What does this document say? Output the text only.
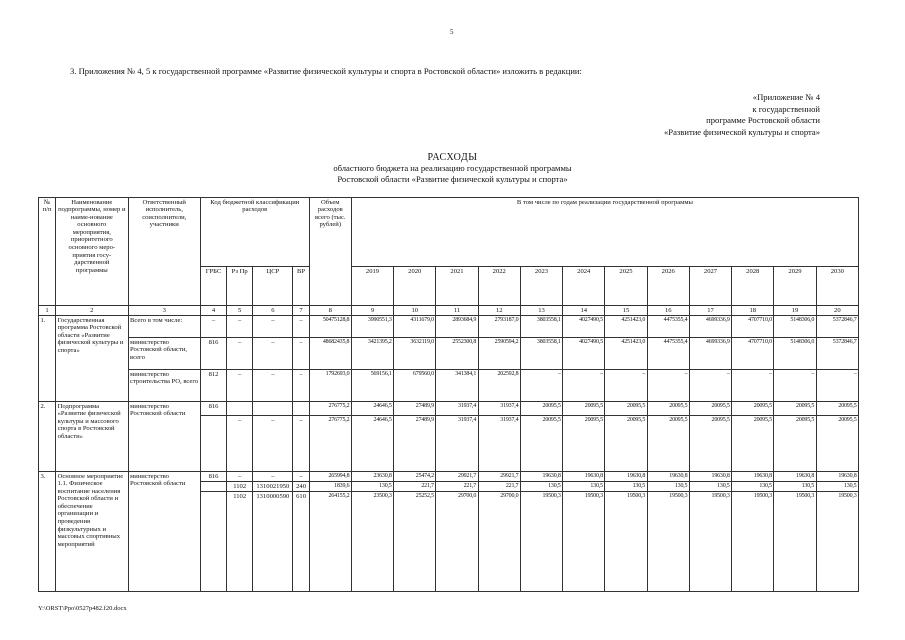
5
3. Приложения № 4, 5 к государственной программе «Развитие физической культуры и спорта в Ростовской области» изложить в редакции:
«Приложение № 4
к государственной
программе Ростовской области
«Развитие физической культуры и спорта»
РАСХОДЫ
областного бюджета на реализацию государственной программы
Ростовской области «Развитие физической культуры и спорта»
№ п/п	Наименование подпрограммы, номер и наиме-нование основного мероприятия, приоритетного основного меро-приятия госу-дарственной программы	Ответственный исполнитель, соисполнители, участники	Код бюджетной классификации расходов				Объем расходов всего (тыс. рублей)	В том числе по годам реализации государственной программы											
			ГРБС	Рз Пр	ЦСР	ВР		2019	2020	2021	2022	2023	2024	2025	2026	2027	2028	2029	2030
1	2	3	4	5	6	7	8	9	10	11	12	13	14	15	16	17	18	19	20
1.	Государственная программа Ростовской области «Развитие физической культуры и спорта»	Всего в том числе:	–	–	–	–	50475128,8	3990551,3	4311679,0	2893684,9	2793187,0	3803558,1	4027490,5	4251423,0	4475355,4	4699336,9	4707710,0	5148306,0	5372846,7
		министерство Ростовской области, всего	816	–	–	–	48682435,8	3421395,2	3632119,0	2552300,8	2590594,2	3803558,1	4027490,5	4251423,0	4475355,4	4699336,9	4707710,0	5148306,0	5372846,7
		министерство строительства РО, всего	812	–	–	–	1792693,0	569156,1	679560,0	341384,1	202592,8	–	–	–	–	–	–	–	–
2.	Подпрограмма «Развитие физической культуры и массового спорта в Ростовской области»	министерство Ростовской области	816				276775,2	24646,5	27489,9	31937,4	31937,4	20095,5	20095,5	20095,5	20095,5	20095,5	20095,5	20095,5	20095,5
				–	–	–	276775,2	24646,5	27489,9	31937,4	31937,4	20095,5	20095,5	20095,5	20095,5	20095,5	20095,5	20095,5	20095,5
3.	Основное мероприятие 1.1. Физическое воспитание населения Ростовской области и обеспечение организации и проведения физкультурных и массовых спортивных мероприятий	министерство Ростовской области	816	–	–	–	265994,8	23630,8	25474,2	29921,7	29921,7	19630,8	19630,8	19630,8	19630,8	19630,8	19630,8	19630,8	19630,8
				1102	1310021950	240	1839,6	130,5	221,7	221,7	221,7	130,5	130,5	130,5	130,5	130,5	130,5	130,5	130,5
				1102	1310000590	610	264155,2	23500,3	25252,5	29700,0	29700,0	19500,3	19500,3	19500,3	19500,3	19500,3	19500,3	19500,3	19500,3
Y:\ORST\Ppo\0527p482.f20.docx
